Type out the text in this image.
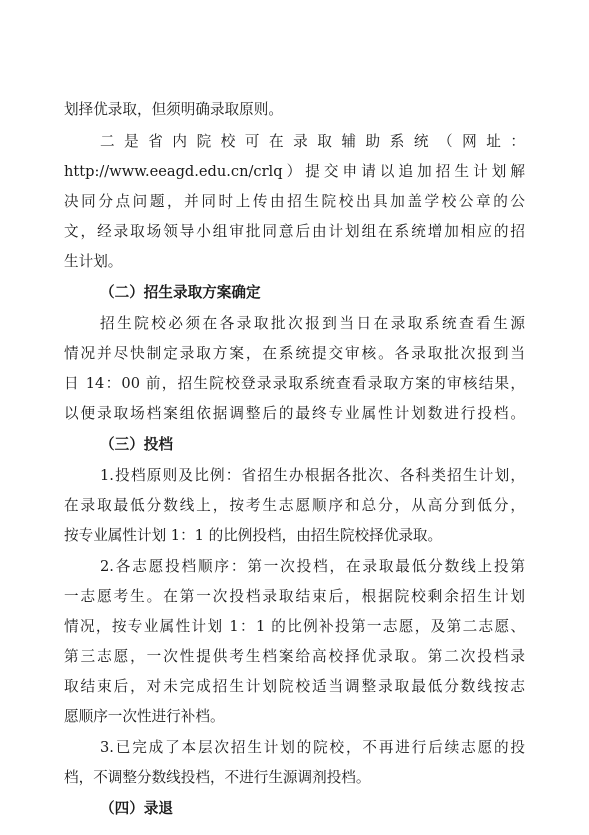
划择优录取，但须明确录取原则。
二是省内院校可在录取辅助系统（网址：
http://www.eeagd.edu.cn/crlq）提交申请以追加招生计划解
决同分点问题，并同时上传由招生院校出具加盖学校公章的公
文，经录取场领导小组审批同意后由计划组在系统增加相应的招
生计划。
（二）招生录取方案确定
招生院校必须在各录取批次报到当日在录取系统查看生源
情况并尽快制定录取方案，在系统提交审核。各录取批次报到当
日 14：00 前，招生院校登录录取系统查看录取方案的审核结果，
以便录取场档案组依据调整后的最终专业属性计划数进行投档。
（三）投档
1.投档原则及比例：省招生办根据各批次、各科类招生计划，
在录取最低分数线上，按考生志愿顺序和总分，从高分到低分，
按专业属性计划 1：1 的比例投档，由招生院校择优录取。
2.各志愿投档顺序：第一次投档，在录取最低分数线上投第
一志愿考生。在第一次投档录取结束后，根据院校剩余招生计划
情况，按专业属性计划 1：1 的比例补投第一志愿，及第二志愿、
第三志愿，一次性提供考生档案给高校择优录取。第二次投档录
取结束后，对未完成招生计划院校适当调整录取最低分数线按志
愿顺序一次性进行补档。
3.已完成了本层次招生计划的院校，不再进行后续志愿的投
档，不调整分数线投档，不进行生源调剂投档。
（四）录退
